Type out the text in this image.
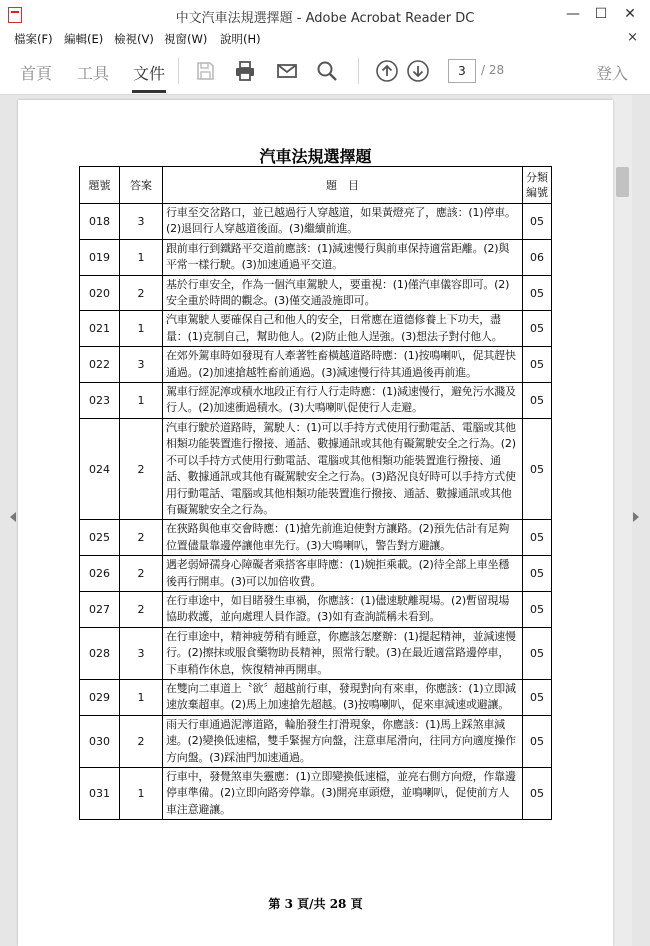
中文汽車法規選擇題 - Adobe Acrobat Reader DC	—	☐	✕
檔案(F) 編輯(E) 檢視(V) 視窗(W) 說明(H)	×
首頁 工具 文件	3	/ 28	登入
汽車法規選擇題
題號	答案	題　目	分類
編號
018	3	行車至交岔路口，並已越過行人穿越道，如果黃燈亮了，應該：(1)停車。(2)退回行人穿越道後面。(3)繼續前進。	05
019	1	跟前車行到鐵路平交道前應該：(1)減速慢行與前車保持適當距離。(2)與平常一樣行駛。(3)加速通過平交道。	06
020	2	基於行車安全，作為一個汽車駕駛人，要重視：(1)僅汽車儀容即可。(2)安全重於時間的觀念。(3)僅交通設施即可。	05
021	1	汽車駕駛人要確保自己和他人的安全，日常應在道德修養上下功夫，盡量：(1)克制自己，幫助他人。(2)防止他人逞強。(3)想法子對付他人。	05
022	3	在郊外駕車時如發現有人牽著牲畜橫越道路時應：(1)按鳴喇叭，促其趕快通過。(2)加速搶越牲畜前通過。(3)減速慢行待其通過後再前進。	05
023	1	駕車行經泥濘或積水地段正有行人行走時應：(1)減速慢行，避免污水濺及行人。(2)加速衝過積水。(3)大鳴喇叭促使行人走避。	05
024	2	汽車行駛於道路時，駕駛人：(1)可以手持方式使用行動電話、電腦或其他相類功能裝置進行撥接、通話、數據通訊或其他有礙駕駛安全之行為。(2)不可以手持方式使用行動電話、電腦或其他相類功能裝置進行撥接、通話、數據通訊或其他有礙駕駛安全之行為。(3)路況良好時可以手持方式使用行動電話、電腦或其他相類功能裝置進行撥接、通話、數據通訊或其他有礙駕駛安全之行為。	05
025	2	在狹路與他車交會時應：(1)搶先前進迫使對方讓路。(2)預先估計有足夠位置儘量靠邊停讓他車先行。(3)大鳴喇叭，警告對方避讓。	05
026	2	遇老弱婦孺身心障礙者乘搭客車時應：(1)婉拒乘載。(2)待全部上車坐穩後再行開車。(3)可以加倍收費。	05
027	2	在行車途中，如目睹發生車禍，你應該：(1)儘速駛離現場。(2)暫留現場協助救護，並向處理人員作證。(3)如有查詢謊稱未看到。	05
028	3	在行車途中，精神疲勞稍有睡意，你應該怎麼辦：(1)提起精神，並減速慢行。(2)擦抹或服食藥物助長精神，照常行駛。(3)在最近適當路邊停車，下車稍作休息，恢復精神再開車。	05
029	1	在雙向二車道上〝欲〞超越前行車，發現對向有來車，你應該：(1)立即減速放棄超車。(2)馬上加速搶先超越。(3)按鳴喇叭，促來車減速或避讓。	05
030	2	雨天行車通過泥濘道路，輪胎發生打滑現象，你應該：(1)馬上踩煞車減速。(2)變換低速檔，雙手緊握方向盤，注意車尾滑向，往同方向適度操作方向盤。(3)踩油門加速通過。	05
031	1	行車中，發覺煞車失靈應：(1)立即變換低速檔，並亮右側方向燈，作靠邊停車準備。(2)立即向路旁停靠。(3)開亮車頭燈，並鳴喇叭，促使前方人車注意避讓。	05
第 3 頁/共 28 頁
